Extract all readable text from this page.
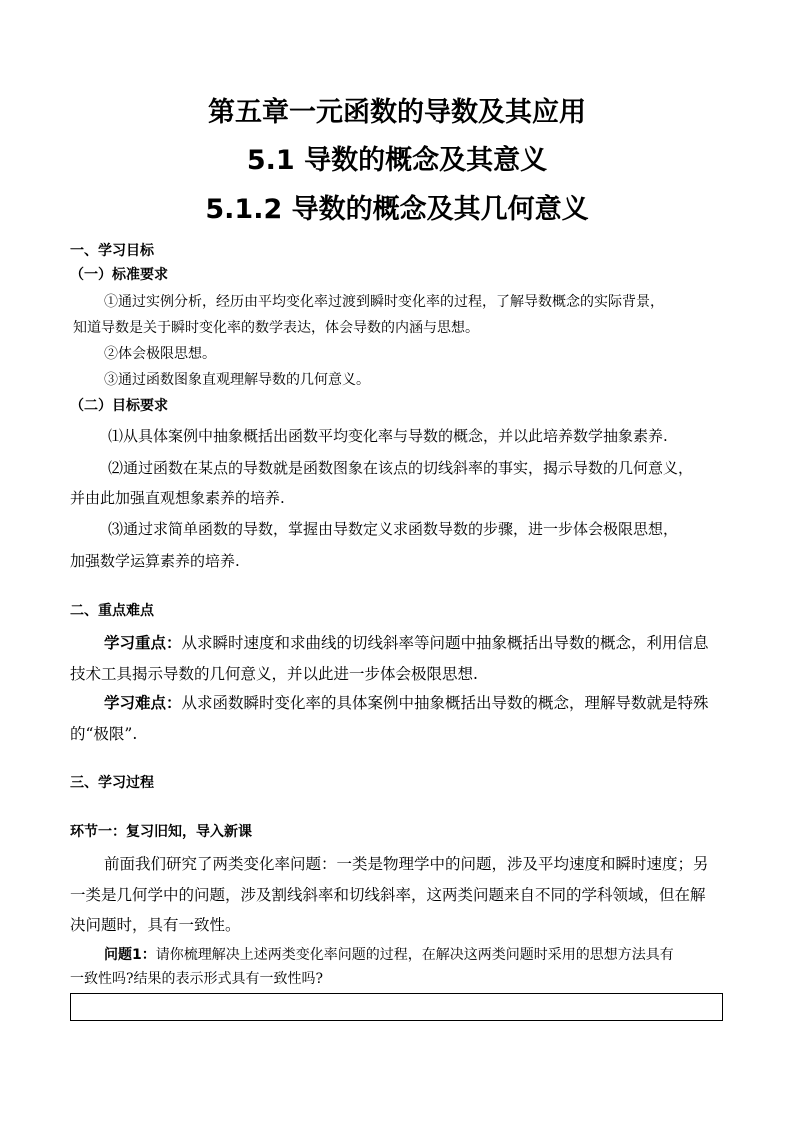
第五章一元函数的导数及其应用
5.1 导数的概念及其意义
5.1.2 导数的概念及其几何意义
一、学习目标
（一）标准要求
①通过实例分析，经历由平均变化率过渡到瞬时变化率的过程，了解导数概念的实际背景，
知道导数是关于瞬时变化率的数学表达，体会导数的内涵与思想。
②体会极限思想。
③通过函数图象直观理解导数的几何意义。
（二）目标要求
⑴从具体案例中抽象概括出函数平均变化率与导数的概念，并以此培养数学抽象素养.
⑵通过函数在某点的导数就是函数图象在该点的切线斜率的事实，揭示导数的几何意义，
并由此加强直观想象素养的培养.
⑶通过求简单函数的导数，掌握由导数定义求函数导数的步骤，进一步体会极限思想，
加强数学运算素养的培养.
二、重点难点
学习重点：从求瞬时速度和求曲线的切线斜率等问题中抽象概括出导数的概念，利用信息
技术工具揭示导数的几何意义，并以此进一步体会极限思想.
学习难点：从求函数瞬时变化率的具体案例中抽象概括出导数的概念，理解导数就是特殊
的“极限”.
三、学习过程
环节一：复习旧知，导入新课
前面我们研究了两类变化率问题：一类是物理学中的问题，涉及平均速度和瞬时速度；另
一类是几何学中的问题，涉及割线斜率和切线斜率，这两类问题来自不同的学科领域，但在解
决问题时，具有一致性。
问题1：请你梳理解决上述两类变化率问题的过程，在解决这两类问题时采用的思想方法具有
一致性吗?结果的表示形式具有一致性吗?
